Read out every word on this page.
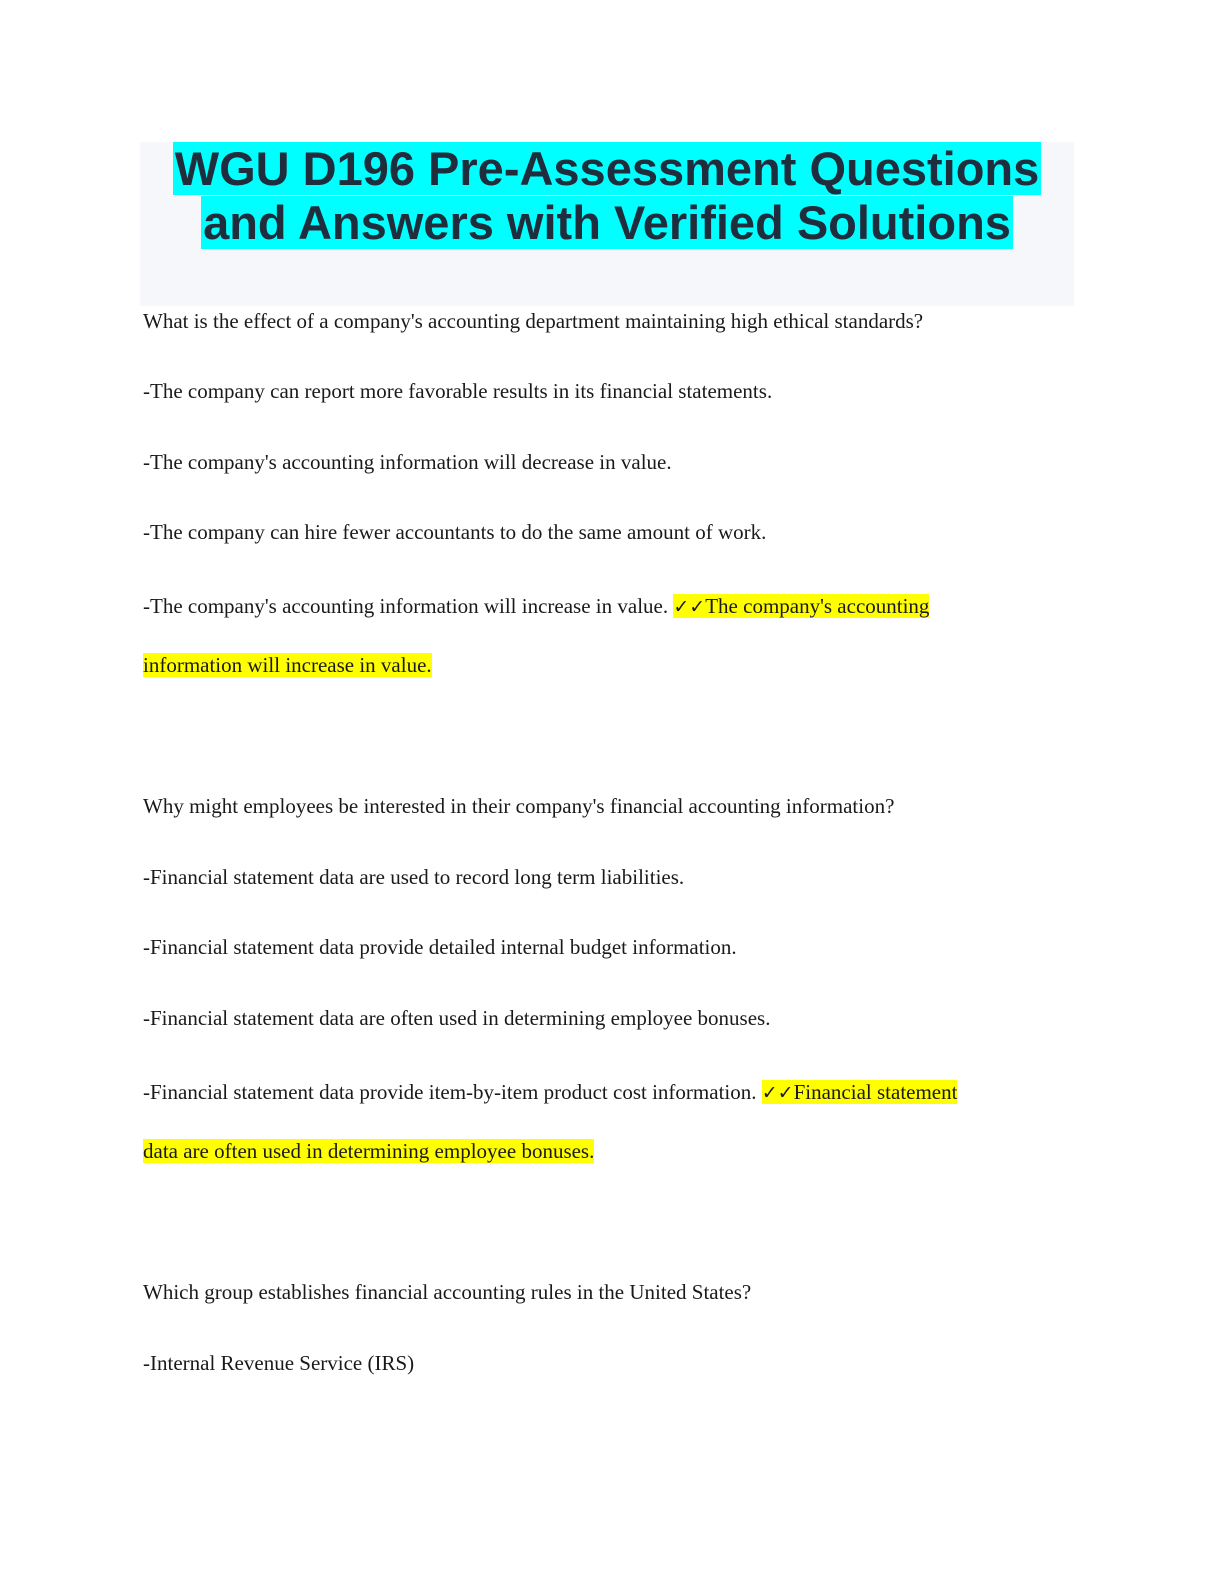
WGU D196 Pre-Assessment Questions
and Answers with Verified Solutions

What is the effect of a company's accounting department maintaining high ethical standards?

-The company can report more favorable results in its financial statements.

-The company's accounting information will decrease in value.

-The company can hire fewer accountants to do the same amount of work.

-The company's accounting information will increase in value. ✓✓The company's accounting

information will increase in value.

Why might employees be interested in their company's financial accounting information?

-Financial statement data are used to record long term liabilities.

-Financial statement data provide detailed internal budget information.

-Financial statement data are often used in determining employee bonuses.

-Financial statement data provide item-by-item product cost information. ✓✓Financial statement

data are often used in determining employee bonuses.

Which group establishes financial accounting rules in the United States?

-Internal Revenue Service (IRS)
